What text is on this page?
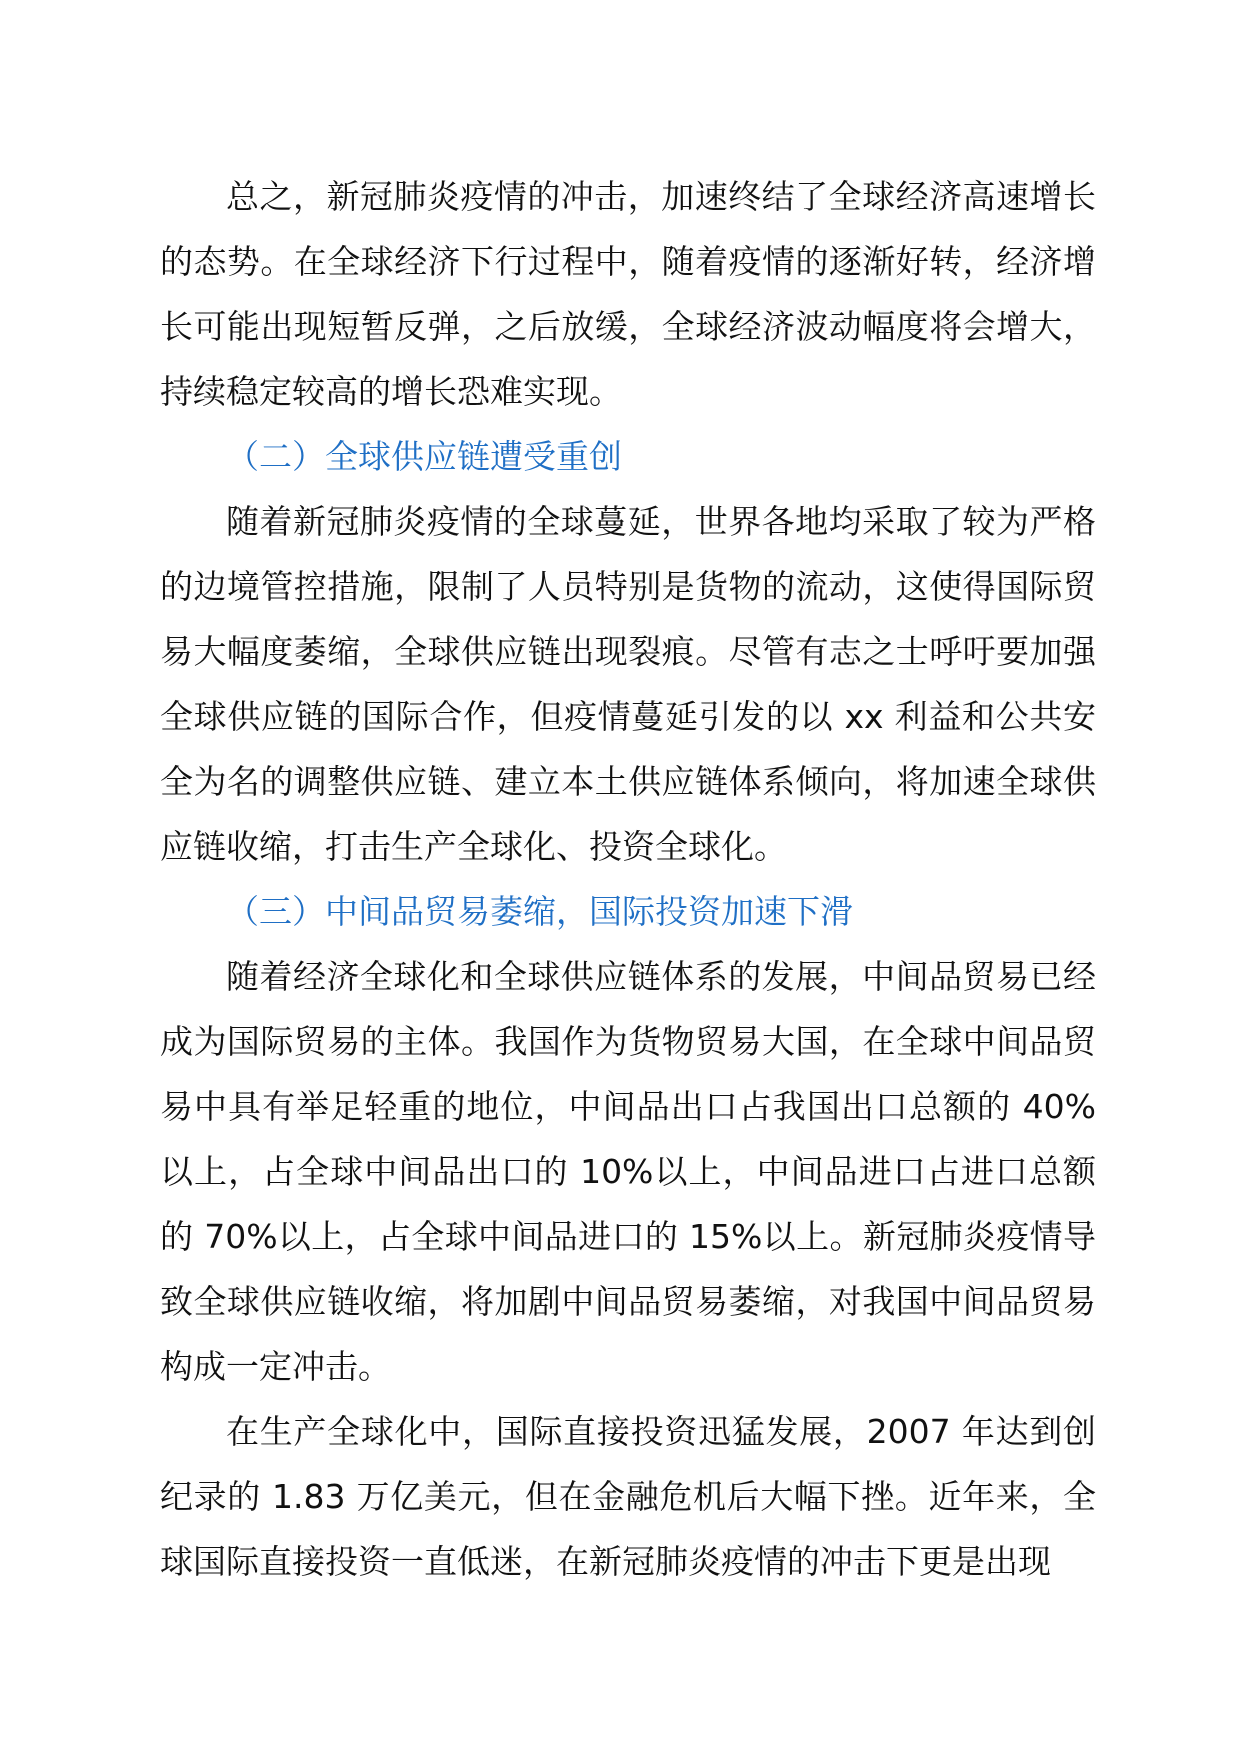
总之，新冠肺炎疫情的冲击，加速终结了全球经济高速增长的态势。在全球经济下行过程中，随着疫情的逐渐好转，经济增长可能出现短暂反弹，之后放缓，全球经济波动幅度将会增大，持续稳定较高的增长恐难实现。

（二）全球供应链遭受重创

随着新冠肺炎疫情的全球蔓延，世界各地均采取了较为严格的边境管控措施，限制了人员特别是货物的流动，这使得国际贸易大幅度萎缩，全球供应链出现裂痕。尽管有志之士呼吁要加强全球供应链的国际合作，但疫情蔓延引发的以 xx 利益和公共安全为名的调整供应链、建立本土供应链体系倾向，将加速全球供应链收缩，打击生产全球化、投资全球化。

（三）中间品贸易萎缩，国际投资加速下滑

随着经济全球化和全球供应链体系的发展，中间品贸易已经成为国际贸易的主体。我国作为货物贸易大国，在全球中间品贸易中具有举足轻重的地位，中间品出口占我国出口总额的 40%以上，占全球中间品出口的 10%以上，中间品进口占进口总额的 70%以上，占全球中间品进口的 15%以上。新冠肺炎疫情导致全球供应链收缩，将加剧中间品贸易萎缩，对我国中间品贸易构成一定冲击。

在生产全球化中，国际直接投资迅猛发展，2007 年达到创纪录的 1.83 万亿美元，但在金融危机后大幅下挫。近年来，全球国际直接投资一直低迷，在新冠肺炎疫情的冲击下更是出现
